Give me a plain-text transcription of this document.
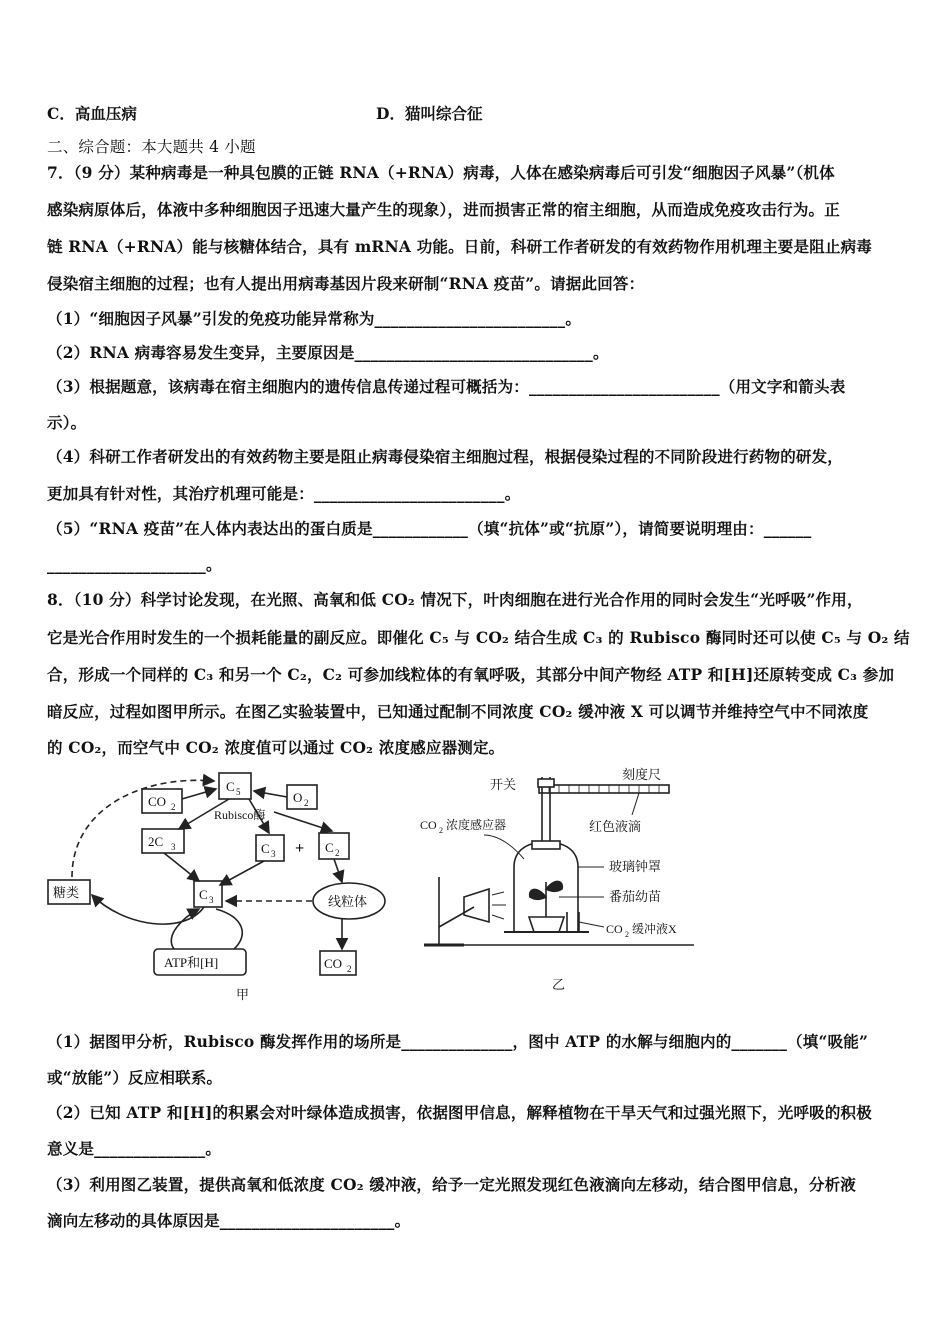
C．高血压病	D．猫叫综合征
二、综合题：本大题共 4 小题
7．（9 分）某种病毒是一种具包膜的正链 RNA（+RNA）病毒，人体在感染病毒后可引发“细胞因子风暴”（机体
感染病原体后，体液中多种细胞因子迅速大量产生的现象），进而损害正常的宿主细胞，从而造成免疫攻击行为。正
链 RNA（+RNA）能与核糖体结合，具有 mRNA 功能。日前，科研工作者研发的有效药物作用机理主要是阻止病毒
侵染宿主细胞的过程；也有人提出用病毒基因片段来研制“RNA 疫苗”。请据此回答：
（1）“细胞因子风暴”引发的免疫功能异常称为________________________。
（2）RNA 病毒容易发生变异，主要原因是______________________________。
（3）根据题意，该病毒在宿主细胞内的遗传信息传递过程可概括为：________________________（用文字和箭头表
示）。
（4）科研工作者研发出的有效药物主要是阻止病毒侵染宿主细胞过程，根据侵染过程的不同阶段进行药物的研发，
更加具有针对性，其治疗机理可能是：________________________。
（5）“RNA 疫苗”在人体内表达出的蛋白质是____________（填“抗体”或“抗原”），请简要说明理由：______
____________________。
8．（10 分）科学讨论发现，在光照、高氧和低 CO₂ 情况下，叶肉细胞在进行光合作用的同时会发生“光呼吸”作用，
它是光合作用时发生的一个损耗能量的副反应。即催化 C₅ 与 CO₂ 结合生成 C₃ 的 Rubisco 酶同时还可以使 C₅ 与 O₂ 结
合，形成一个同样的 C₃ 和另一个 C₂，C₂ 可参加线粒体的有氧呼吸，其部分中间产物经 ATP 和[H]还原转变成 C₃ 参加
暗反应，过程如图甲所示。在图乙实验装置中，已知通过配制不同浓度 CO₂ 缓冲液 X 可以调节并维持空气中不同浓度
的 CO₂，而空气中 CO₂ 浓度值可以通过 CO₂ 浓度感应器测定。
CO 2
C 5	O 2
Rubisco酶
2C 3	C 3 + C 2
C 3
糖类
线粒体
ATP和[H]	CO 2
甲
开关
刻度尺
CO 2 浓度感应器	红色液滴
玻璃钟罩
番茄幼苗
CO 2 缓冲液X
乙
（1）据图甲分析，Rubisco 酶发挥作用的场所是______________，图中 ATP 的水解与细胞内的_______（填“吸能”
或“放能”）反应相联系。
（2）已知 ATP 和[H]的积累会对叶绿体造成损害，依据图甲信息，解释植物在干旱天气和过强光照下，光呼吸的积极
意义是______________。
（3）利用图乙装置，提供高氧和低浓度 CO₂ 缓冲液，给予一定光照发现红色液滴向左移动，结合图甲信息，分析液
滴向左移动的具体原因是______________________。
